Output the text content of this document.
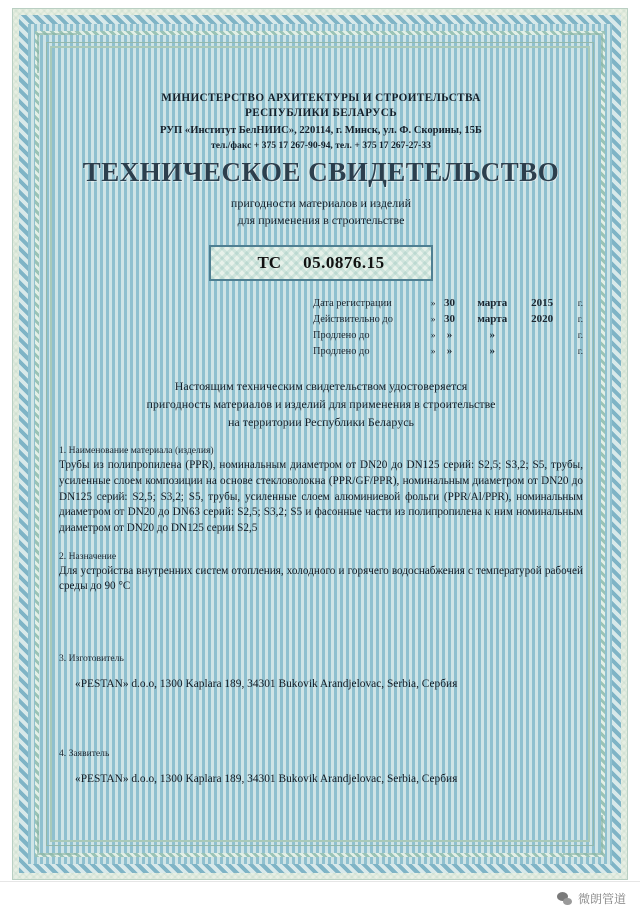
МИНИСТЕРСТВО АРХИТЕКТУРЫ И СТРОИТЕЛЬСТВА
РЕСПУБЛИКИ БЕЛАРУСЬ
РУП «Институт БелНИИС», 220114, г. Минск, ул. Ф. Скорины, 15Б
тел./факс + 375 17 267-90-94, тел. + 375 17 267-27-33
ТЕХНИЧЕСКОЕ СВИДЕТЕЛЬСТВО
пригодности материалов и изделий
для применения в строительстве
ТС 05.0876.15
Дата регистрации	»	30	марта	2015	г.
Действительно до	»	30	марта	2020	г.
Продлено до	»	»	»		г.
Продлено до	»	»	»		г.
Настоящим техническим свидетельством удостоверяется
пригодность материалов и изделий для применения в строительстве
на территории Республики Беларусь
1. Наименование материала (изделия)
Трубы из полипропилена (PPR), номинальным диаметром от DN20 до DN125 серий: S2,5; S3,2; S5, трубы, усиленные слоем композиции на основе стекловолокна (PPR/GF/PPR), номинальным диаметром от DN20 до DN125 серий: S2,5; S3,2; S5, трубы, усиленные слоем алюминиевой фольги (PPR/Al/PPR), номинальным диаметром от DN20 до DN63 серий: S2,5; S3,2; S5 и фасонные части из полипропилена к ним номинальным диаметром от DN20 до DN125 серии S2,5
2. Назначение
Для устройства внутренних систем отопления, холодного и горячего водоснабжения с температурой рабочей среды до 90 °С
3. Изготовитель
«PESTAN» d.o.o, 1300 Kaplara 189, 34301 Bukovik Arandjelovac, Serbia, Сербия
4. Заявитель
«PESTAN» d.o.o, 1300 Kaplara 189, 34301 Bukovik Arandjelovac, Serbia, Сербия
微朗管道
